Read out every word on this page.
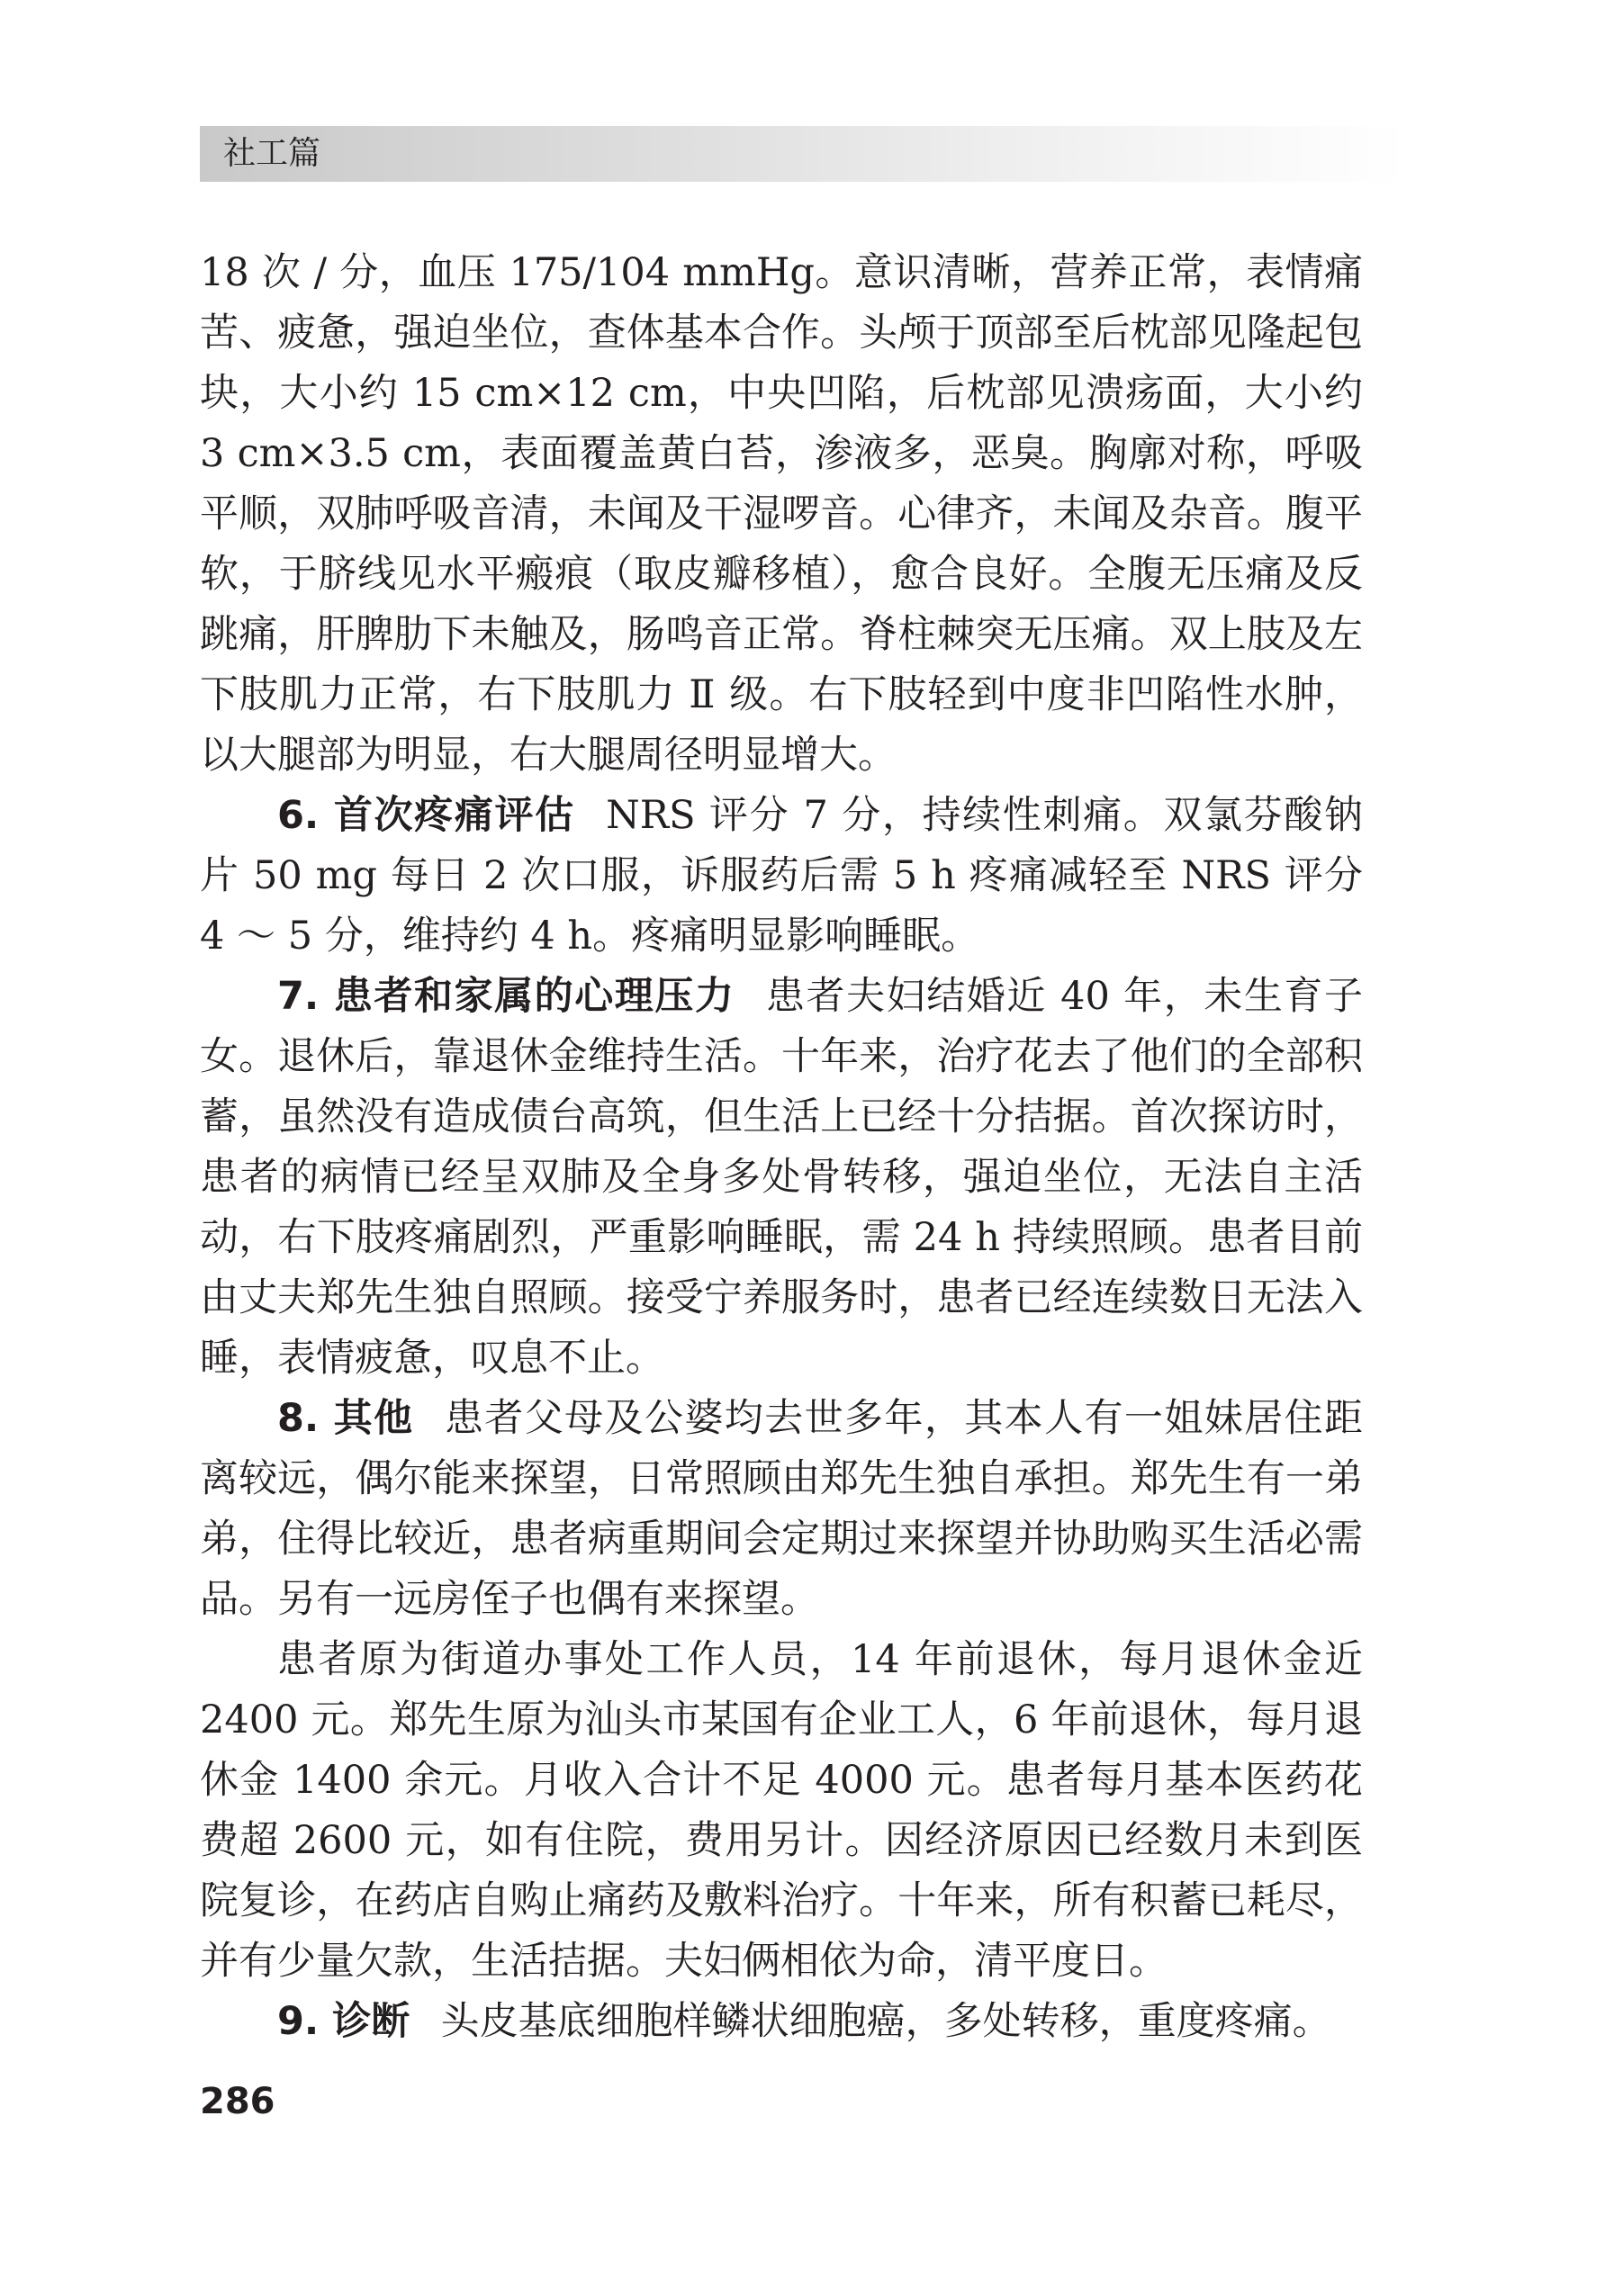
社工篇

18 次 / 分，血压 175/104 mmHg。意识清晰，营养正常，表情痛苦、疲惫，强迫坐位，查体基本合作。头颅于顶部至后枕部见隆起包块，大小约 15 cm×12 cm，中央凹陷，后枕部见溃疡面，大小约 3 cm×3.5 cm，表面覆盖黄白苔，渗液多，恶臭。胸廓对称，呼吸平顺，双肺呼吸音清，未闻及干湿啰音。心律齐，未闻及杂音。腹平软，于脐线见水平瘢痕（取皮瓣移植），愈合良好。全腹无压痛及反跳痛，肝脾肋下未触及，肠鸣音正常。脊柱棘突无压痛。双上肢及左下肢肌力正常，右下肢肌力 Ⅱ 级。右下肢轻到中度非凹陷性水肿，以大腿部为明显，右大腿周径明显增大。

6. 首次疼痛评估 NRS 评分 7 分，持续性刺痛。双氯芬酸钠片 50 mg 每日 2 次口服，诉服药后需 5 h 疼痛减轻至 NRS 评分 4 ～ 5 分，维持约 4 h。疼痛明显影响睡眠。

7. 患者和家属的心理压力 患者夫妇结婚近 40 年，未生育子女。退休后，靠退休金维持生活。十年来，治疗花去了他们的全部积蓄，虽然没有造成债台高筑，但生活上已经十分拮据。首次探访时，患者的病情已经呈双肺及全身多处骨转移，强迫坐位，无法自主活动，右下肢疼痛剧烈，严重影响睡眠，需 24 h 持续照顾。患者目前由丈夫郑先生独自照顾。接受宁养服务时，患者已经连续数日无法入睡，表情疲惫，叹息不止。

8. 其他 患者父母及公婆均去世多年，其本人有一姐妹居住距离较远，偶尔能来探望，日常照顾由郑先生独自承担。郑先生有一弟弟，住得比较近，患者病重期间会定期过来探望并协助购买生活必需品。另有一远房侄子也偶有来探望。

患者原为街道办事处工作人员，14 年前退休，每月退休金近 2400 元。郑先生原为汕头市某国有企业工人，6 年前退休，每月退休金 1400 余元。月收入合计不足 4000 元。患者每月基本医药花费超 2600 元，如有住院，费用另计。因经济原因已经数月未到医院复诊，在药店自购止痛药及敷料治疗。十年来，所有积蓄已耗尽，并有少量欠款，生活拮据。夫妇俩相依为命，清平度日。

9. 诊断 头皮基底细胞样鳞状细胞癌，多处转移，重度疼痛。

286
